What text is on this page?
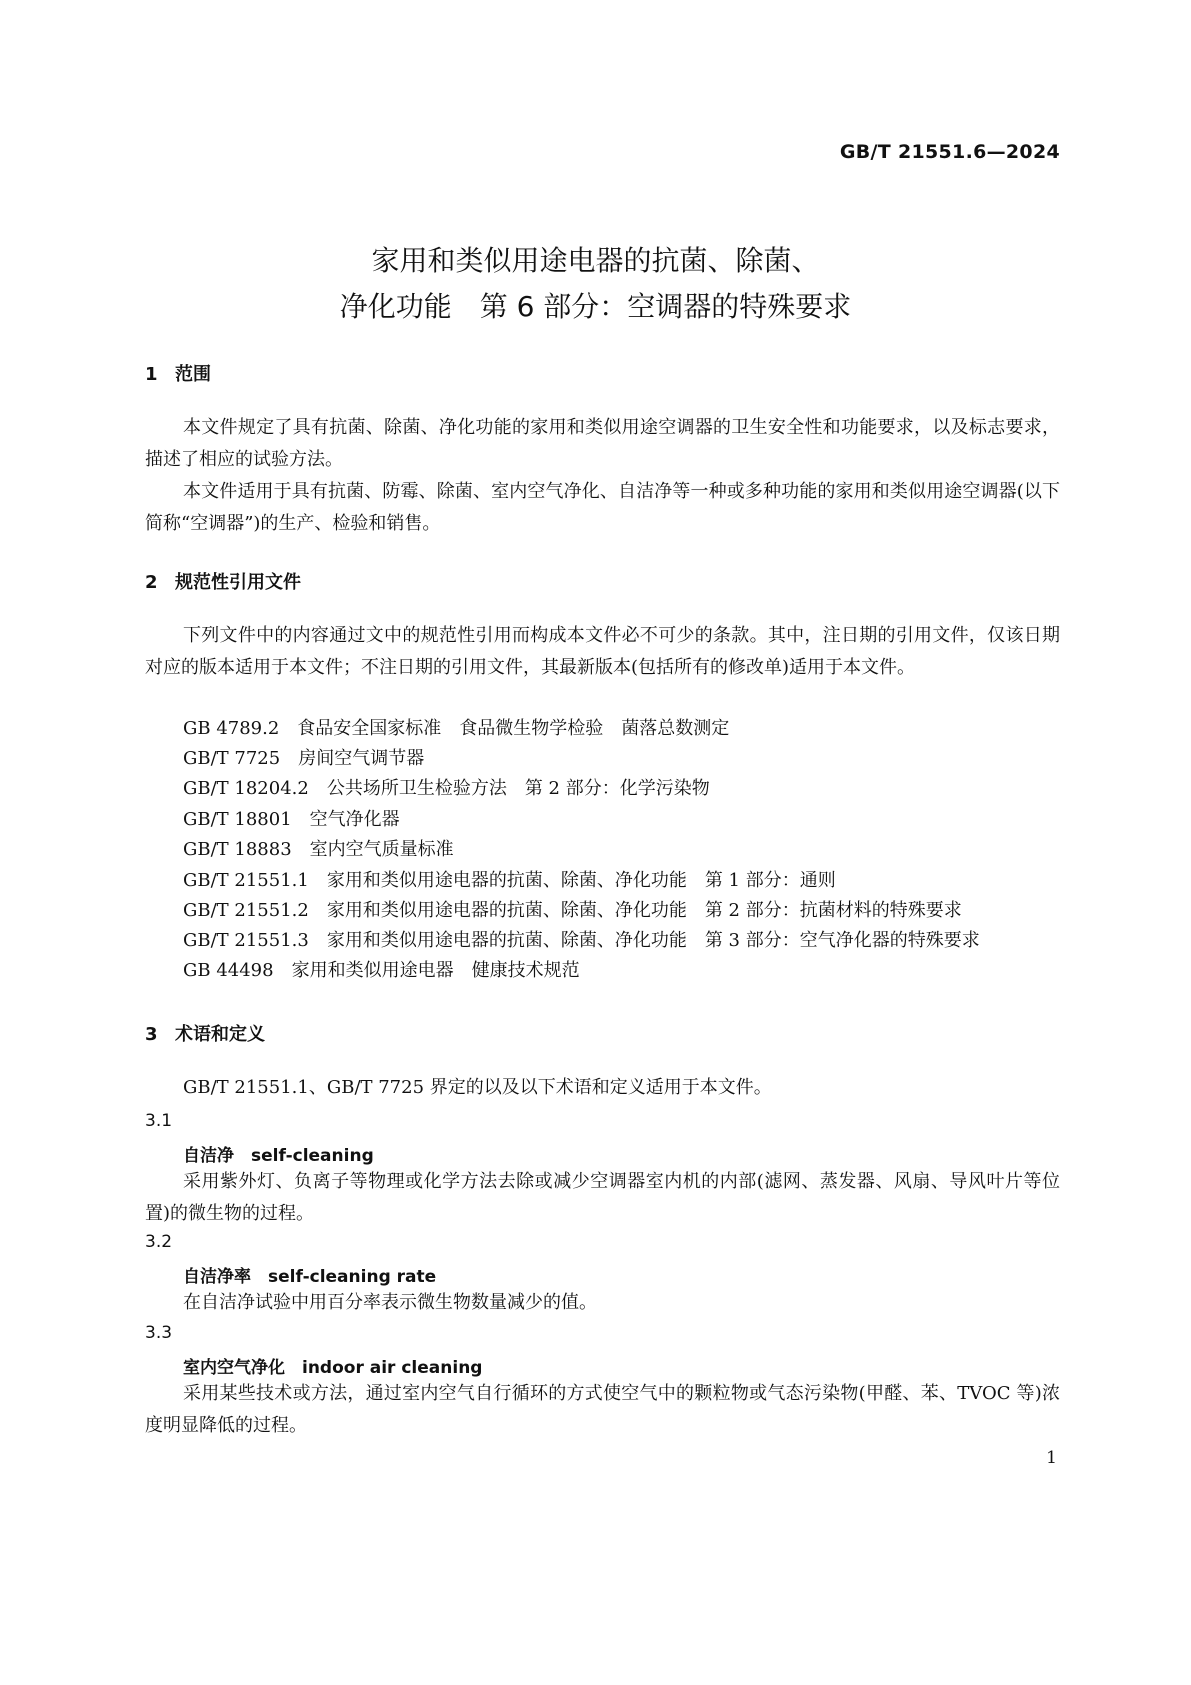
GB/T 21551.6—2024
家用和类似用途电器的抗菌、除菌、
净化功能　第 6 部分：空调器的特殊要求
1 范围
本文件规定了具有抗菌、除菌、净化功能的家用和类似用途空调器的卫生安全性和功能要求，以及标志要求，描述了相应的试验方法。
本文件适用于具有抗菌、防霉、除菌、室内空气净化、自洁净等一种或多种功能的家用和类似用途空调器(以下简称“空调器”)的生产、检验和销售。
2 规范性引用文件
下列文件中的内容通过文中的规范性引用而构成本文件必不可少的条款。其中，注日期的引用文件，仅该日期对应的版本适用于本文件；不注日期的引用文件，其最新版本(包括所有的修改单)适用于本文件。
GB 4789.2　食品安全国家标准　食品微生物学检验　菌落总数测定
GB/T 7725　房间空气调节器
GB/T 18204.2　公共场所卫生检验方法　第 2 部分：化学污染物
GB/T 18801　空气净化器
GB/T 18883　室内空气质量标准
GB/T 21551.1　家用和类似用途电器的抗菌、除菌、净化功能　第 1 部分：通则
GB/T 21551.2　家用和类似用途电器的抗菌、除菌、净化功能　第 2 部分：抗菌材料的特殊要求
GB/T 21551.3　家用和类似用途电器的抗菌、除菌、净化功能　第 3 部分：空气净化器的特殊要求
GB 44498　家用和类似用途电器　健康技术规范
3 术语和定义
GB/T 21551.1、GB/T 7725 界定的以及以下术语和定义适用于本文件。
3.1
自洁净　self-cleaning
采用紫外灯、负离子等物理或化学方法去除或减少空调器室内机的内部(滤网、蒸发器、风扇、导风叶片等位置)的微生物的过程。
3.2
自洁净率　self-cleaning rate
在自洁净试验中用百分率表示微生物数量减少的值。
3.3
室内空气净化　indoor air cleaning
采用某些技术或方法，通过室内空气自行循环的方式使空气中的颗粒物或气态污染物(甲醛、苯、TVOC 等)浓度明显降低的过程。
1
